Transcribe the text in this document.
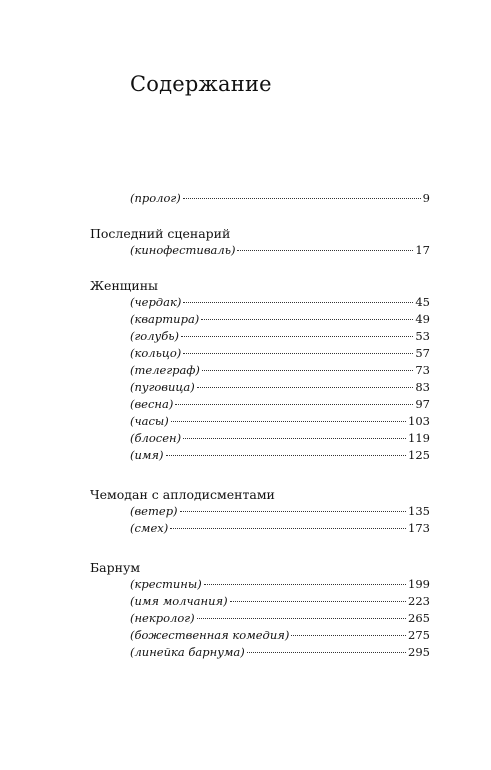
Содержание
(пролог)	9
Последний сценарий
(кинофестиваль)	17
Женщины
(чердак)	45
(квартира)	49
(голубь)	53
(кольцо)	57
(телеграф)	73
(пуговица)	83
(весна)	97
(часы)	103
(блосен)	119
(имя)	125
Чемодан с аплодисментами
(ветер)	135
(смех)	173
Барнум
(крестины)	199
(имя молчания)	223
(некролог)	265
(божественная комедия)	275
(линейка барнума)	295
